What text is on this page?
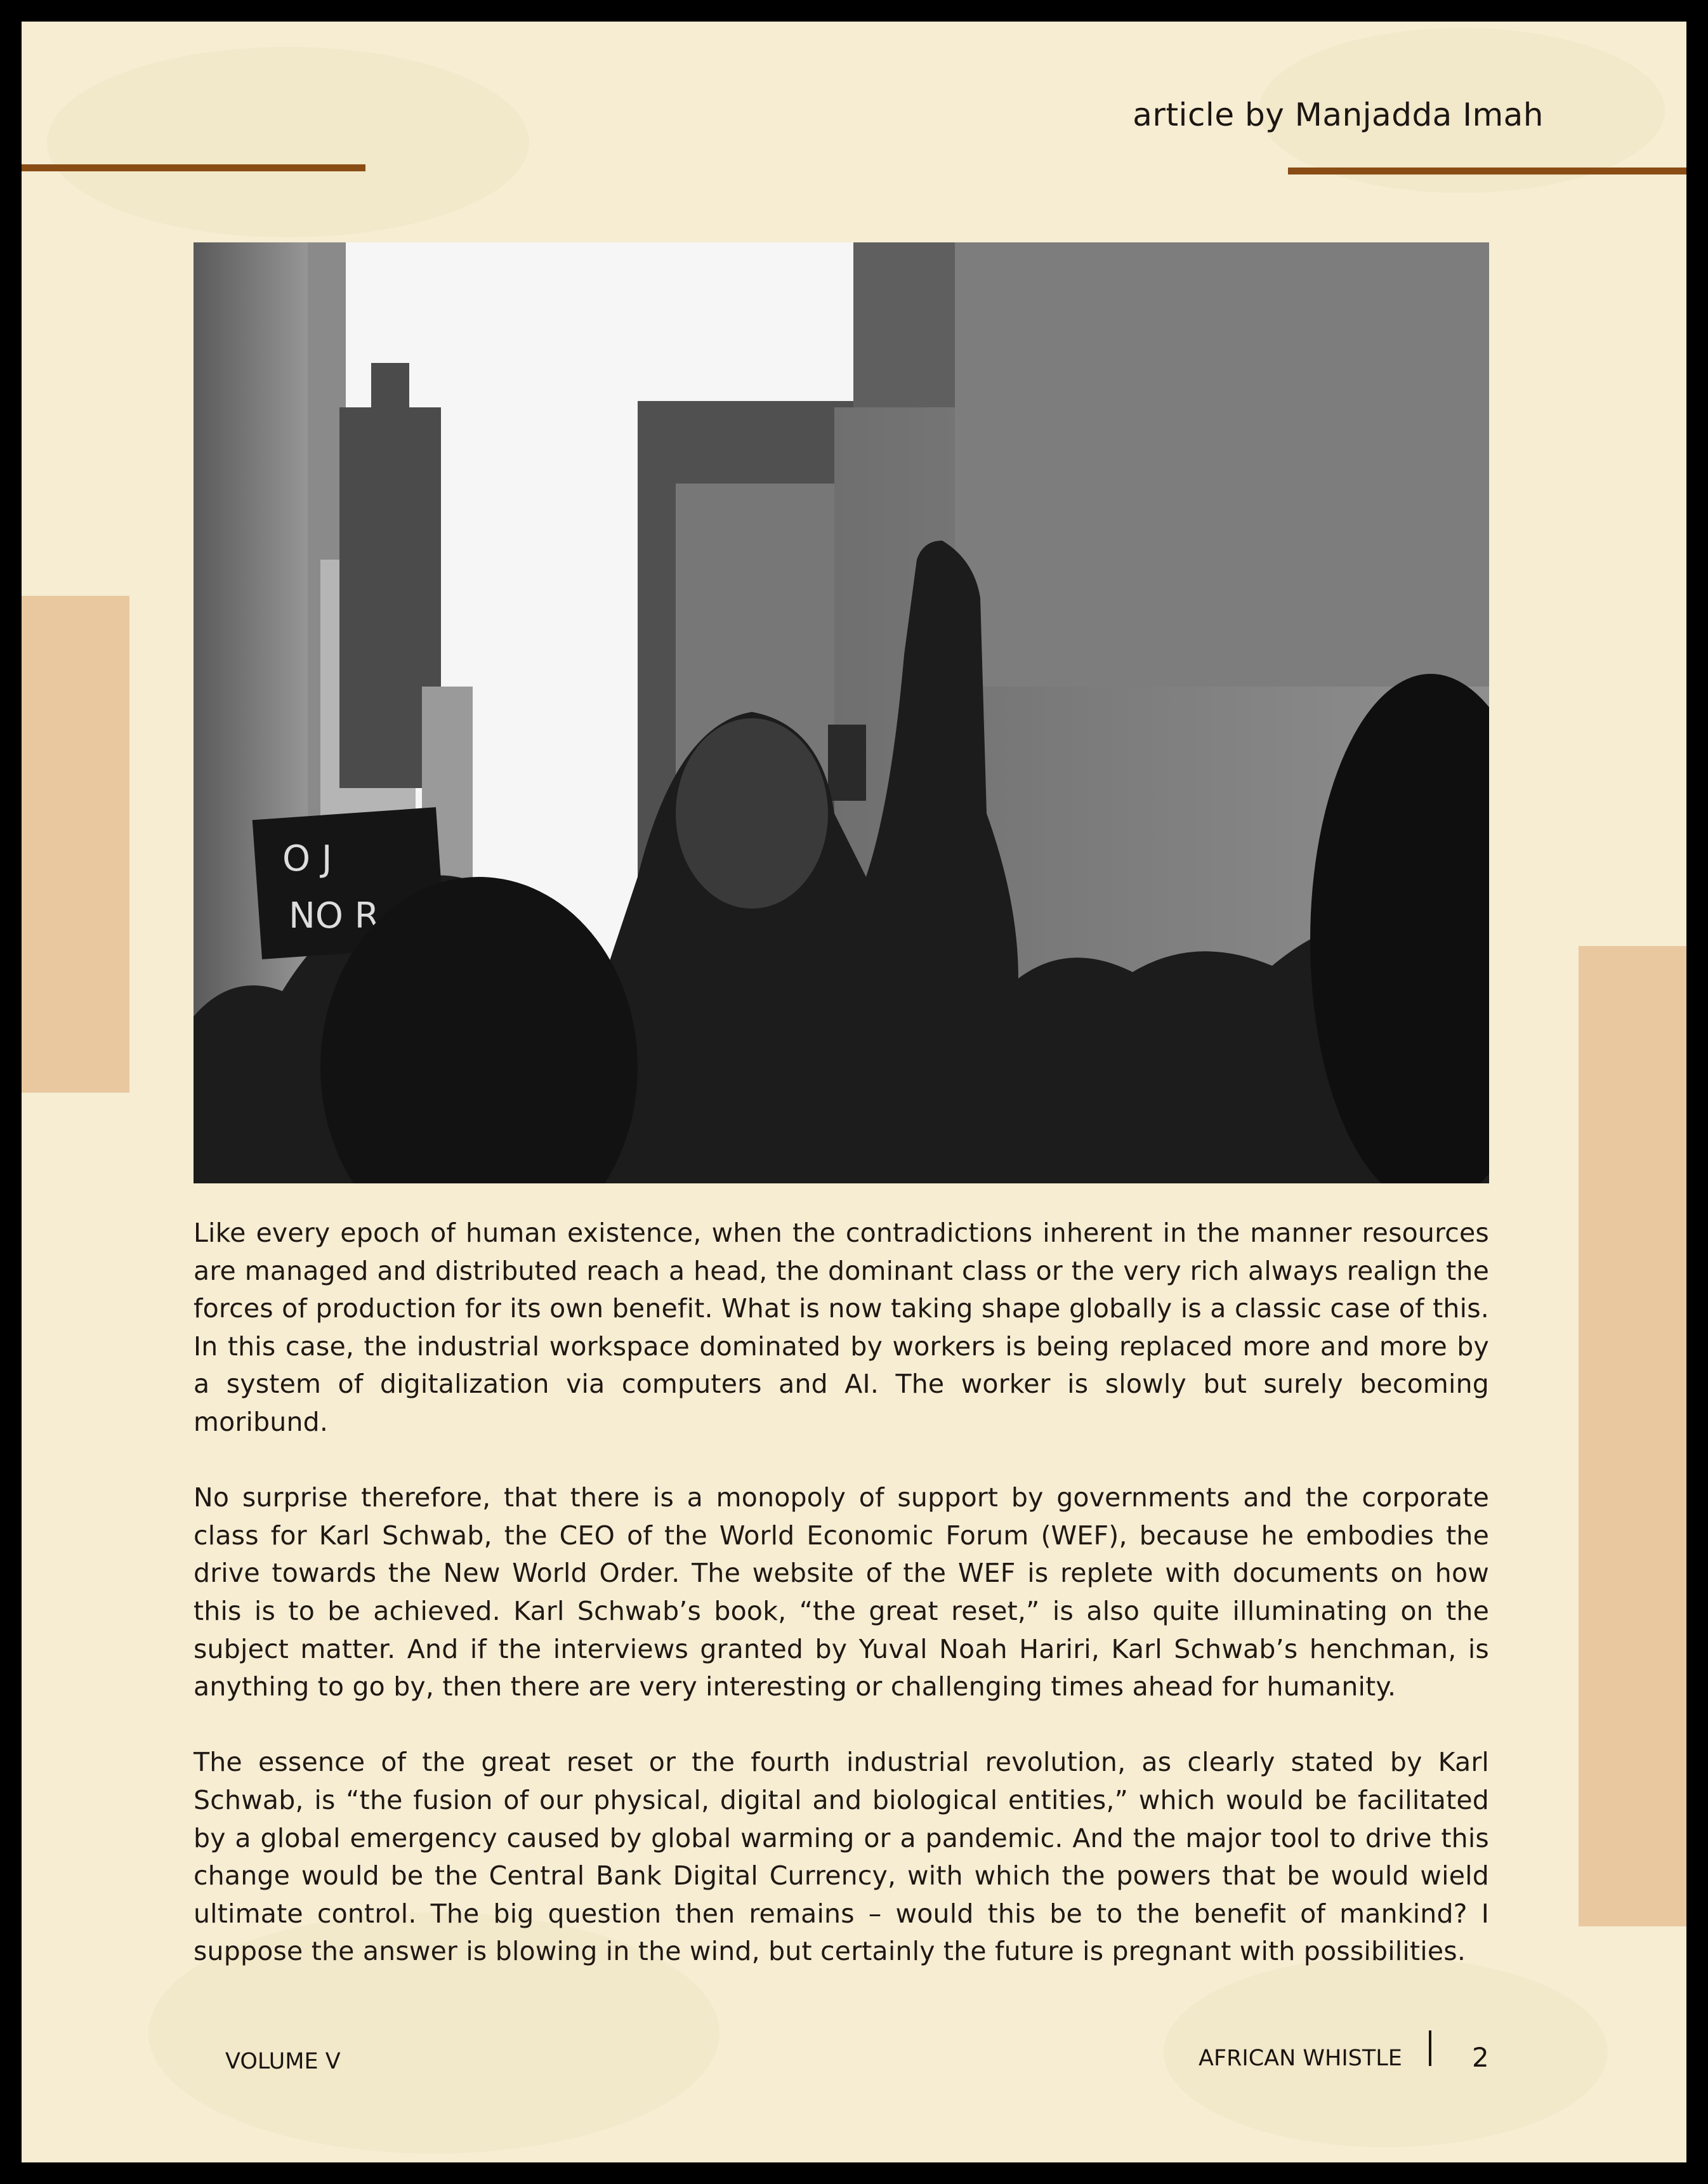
article by Manjadda Imah
O J
NO R

Like every epoch of human existence, when the contradictions inherent in the manner resources are managed and distributed reach a head, the dominant class or the very rich always realign the forces of production for its own benefit. What is now taking shape globally is a classic case of this. In this case, the industrial workspace dominated by workers is being replaced more and more by a system of digitalization via computers and AI. The worker is slowly but surely becoming moribund.

No surprise therefore, that there is a monopoly of support by governments and the corporate class for Karl Schwab, the CEO of the World Economic Forum (WEF), because he embodies the drive towards the New World Order. The website of the WEF is replete with documents on how this is to be achieved. Karl Schwab’s book, “the great reset,” is also quite illuminating on the subject matter. And if the interviews granted by Yuval Noah Hariri, Karl Schwab’s henchman, is anything to go by, then there are very interesting or challenging times ahead for humanity.

The essence of the great reset or the fourth industrial revolution, as clearly stated by Karl Schwab, is “the fusion of our physical, digital and biological entities,” which would be facilitated by a global emergency caused by global warming or a pandemic. And the major tool to drive this change would be the Central Bank Digital Currency, with which the powers that be would wield ultimate control. The big question then remains – would this be to the benefit of mankind? I suppose the answer is blowing in the wind, but certainly the future is pregnant with possibilities.

VOLUME V	AFRICAN WHISTLE	2
